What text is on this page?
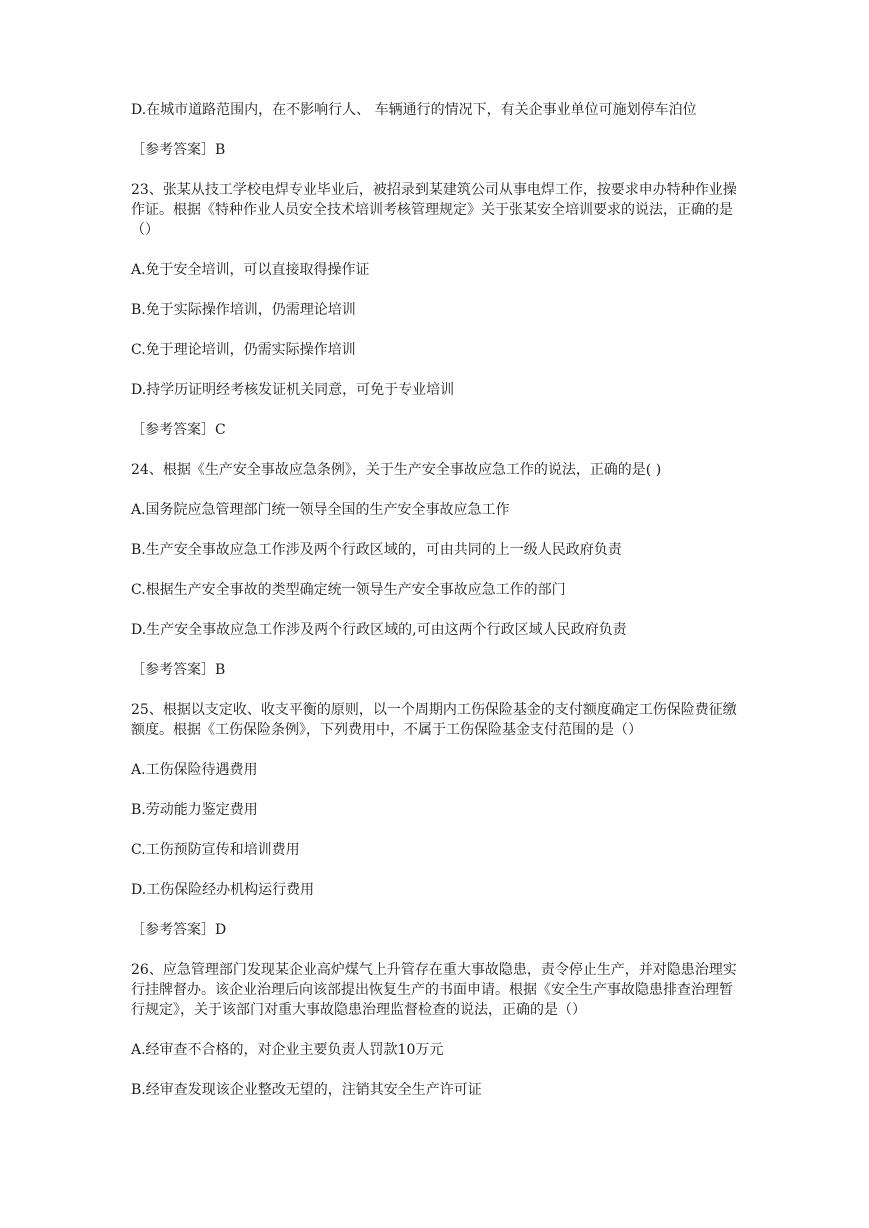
D.在城市道路范围内，在不影响行人、 车辆通行的情况下，有关企事业单位可施划停车泊位

［参考答案］B

23、张某从技工学校电焊专业毕业后，被招录到某建筑公司从事电焊工作，按要求申办特种作业操作证。根据《特种作业人员安全技术培训考核管理规定》关于张某安全培训要求的说法，正确的是（）

A.免于安全培训，可以直接取得操作证

B.免于实际操作培训，仍需理论培训

C.免于理论培训，仍需实际操作培训

D.持学历证明经考核发证机关同意，可免于专业培训

［参考答案］C

24、根据《生产安全事故应急条例》，关于生产安全事故应急工作的说法，正确的是( )

A.国务院应急管理部门统一领导全国的生产安全事故应急工作

B.生产安全事故应急工作涉及两个行政区域的，可由共同的上一级人民政府负责

C.根据生产安全事故的类型确定统一领导生产安全事故应急工作的部门

D.生产安全事故应急工作涉及两个行政区域的,可由这两个行政区域人民政府负责

［参考答案］B

25、根据以支定收、收支平衡的原则，以一个周期内工伤保险基金的支付额度确定工伤保险费征缴额度。根据《工伤保险条例》，下列费用中，不属于工伤保险基金支付范围的是（）

A.工伤保险待遇费用

B.劳动能力鉴定费用

C.工伤预防宣传和培训费用

D.工伤保险经办机构运行费用

［参考答案］D

26、应急管理部门发现某企业高炉煤气上升管存在重大事故隐患，责令停止生产，并对隐患治理实行挂牌督办。该企业治理后向该部提出恢复生产的书面申请。根据《安全生产事故隐患排查治理暂行规定》，关于该部门对重大事故隐患治理监督检查的说法，正确的是（）

A.经审查不合格的，对企业主要负责人罚款10万元

B.经审查发现该企业整改无望的，注销其安全生产许可证
